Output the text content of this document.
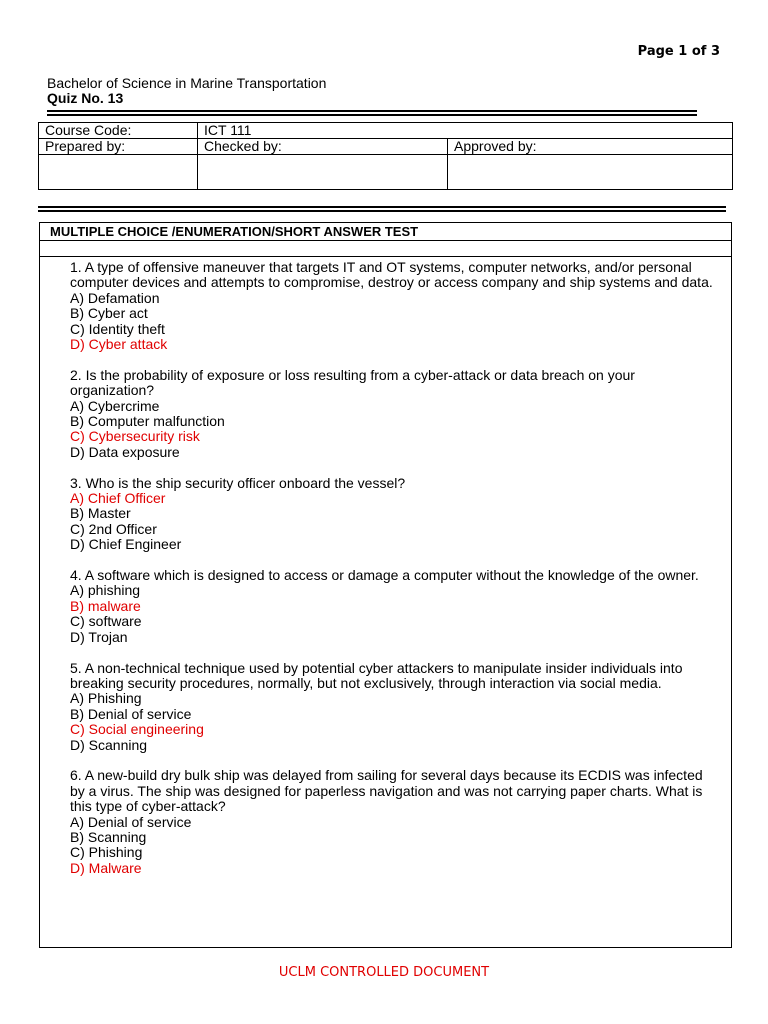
Page 1 of 3
Bachelor of Science in Marine Transportation
Quiz No. 13
Course Code:	ICT 111	
Prepared by:	Checked by:	Approved by:

MULTIPLE CHOICE /ENUMERATION/SHORT ANSWER TEST
1. A type of offensive maneuver that targets IT and OT systems, computer networks, and/or personal
computer devices and attempts to compromise, destroy or access company and ship systems and data.
A) Defamation
B) Cyber act
C) Identity theft
D) Cyber attack
2. Is the probability of exposure or loss resulting from a cyber-attack or data breach on your
organization?
A) Cybercrime
B) Computer malfunction
C) Cybersecurity risk
D) Data exposure
3. Who is the ship security officer onboard the vessel?
A) Chief Officer
B) Master
C) 2nd Officer
D) Chief Engineer
4. A software which is designed to access or damage a computer without the knowledge of the owner.
A) phishing
B) malware
C) software
D) Trojan
5. A non-technical technique used by potential cyber attackers to manipulate insider individuals into
breaking security procedures, normally, but not exclusively, through interaction via social media.
A) Phishing
B) Denial of service
C) Social engineering
D) Scanning
6. A new-build dry bulk ship was delayed from sailing for several days because its ECDIS was infected
by a virus. The ship was designed for paperless navigation and was not carrying paper charts. What is
this type of cyber-attack?
A) Denial of service
B) Scanning
C) Phishing
D) Malware
UCLM CONTROLLED DOCUMENT
